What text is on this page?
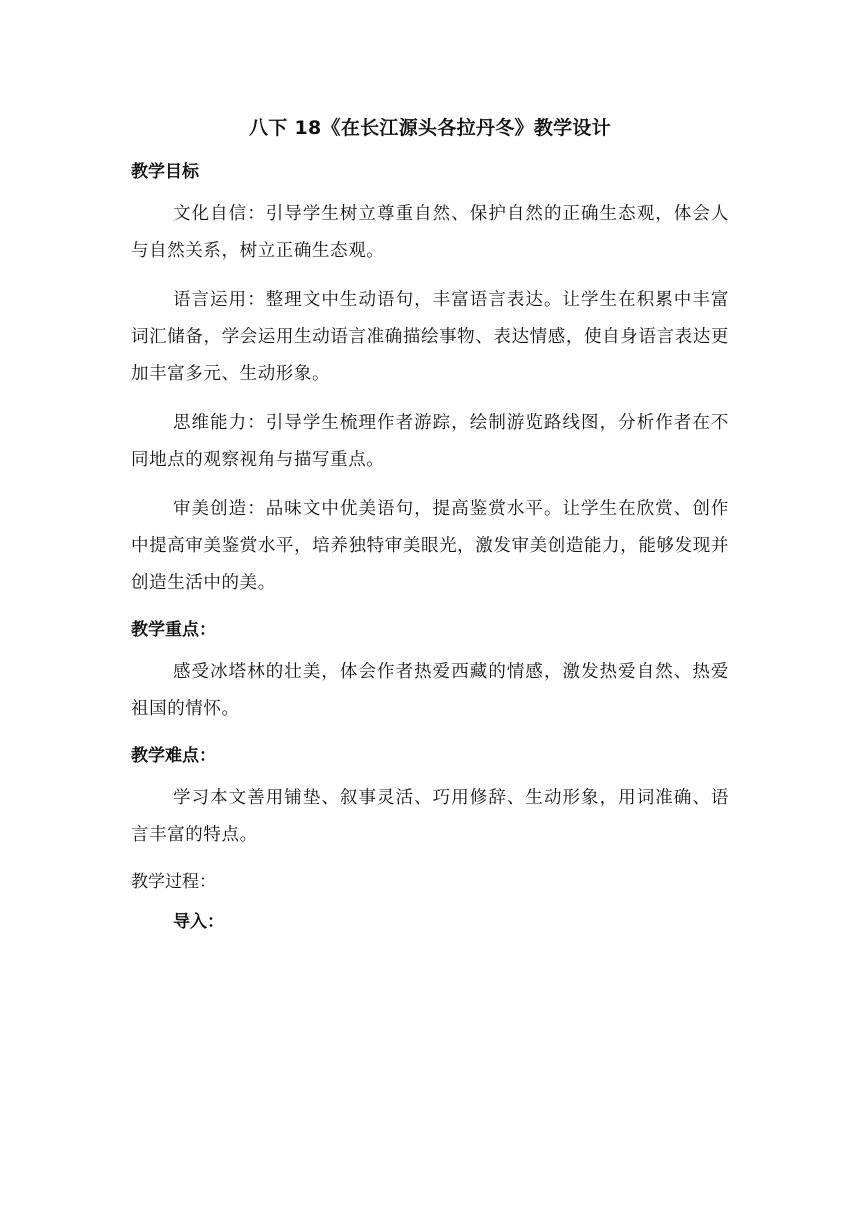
八下 18《在长江源头各拉丹冬》教学设计
教学目标

文化自信：引导学生树立尊重自然、保护自然的正确生态观，体会人与自然关系，树立正确生态观。

语言运用：整理文中生动语句，丰富语言表达。让学生在积累中丰富词汇储备，学会运用生动语言准确描绘事物、表达情感，使自身语言表达更加丰富多元、生动形象。

思维能力：引导学生梳理作者游踪，绘制游览路线图，分析作者在不同地点的观察视角与描写重点。

审美创造：品味文中优美语句，提高鉴赏水平。让学生在欣赏、创作中提高审美鉴赏水平，培养独特审美眼光，激发审美创造能力，能够发现并创造生活中的美。

教学重点：

感受冰塔林的壮美，体会作者热爱西藏的情感，激发热爱自然、热爱祖国的情怀。

教学难点：

学习本文善用铺垫、叙事灵活、巧用修辞、生动形象，用词准确、语言丰富的特点。

教学过程：
导入：
